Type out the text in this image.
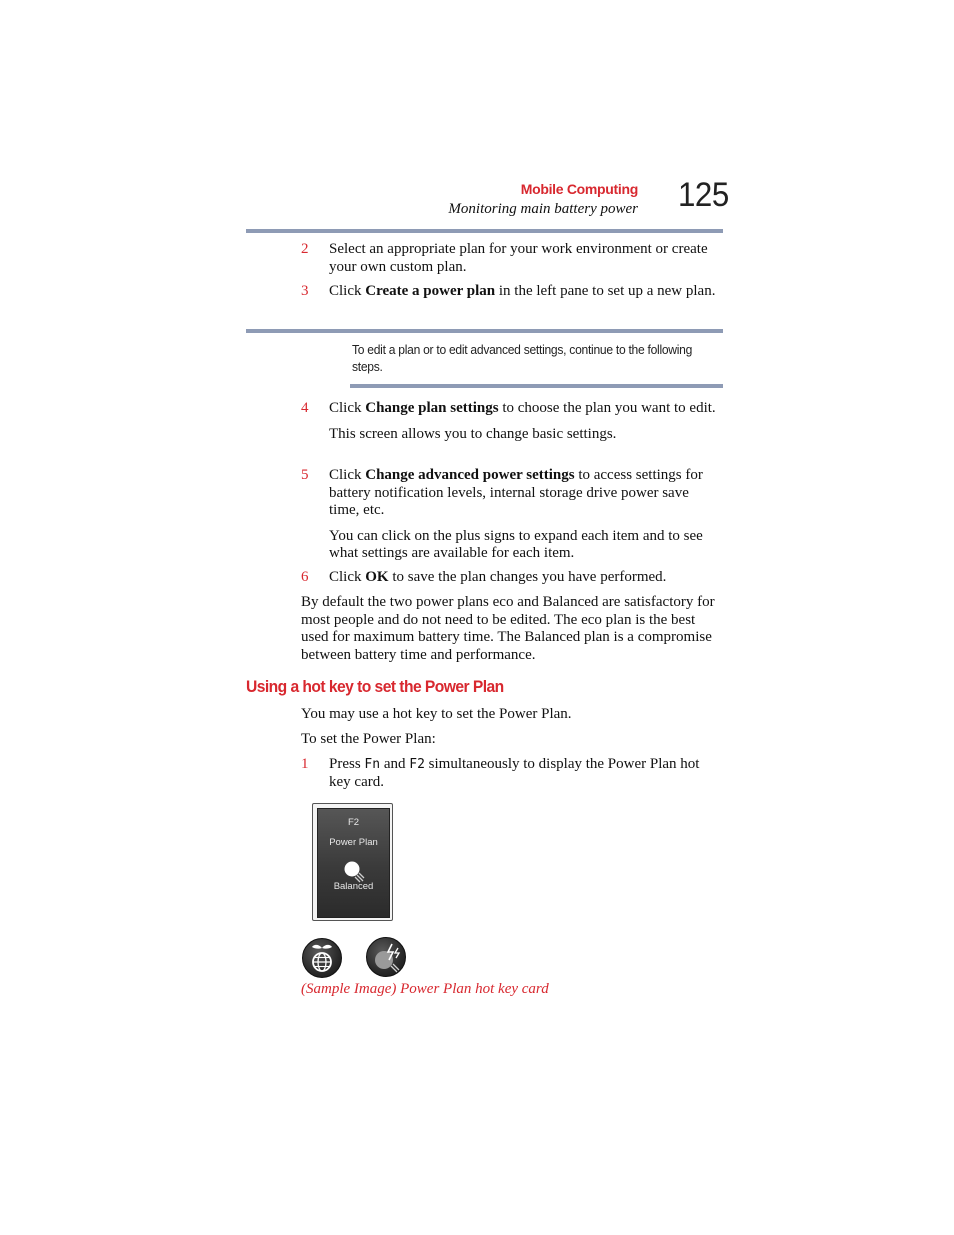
Mobile Computing
Monitoring main battery power 125
2 Select an appropriate plan for your work environment or create your own custom plan.
3 Click Create a power plan in the left pane to set up a new plan.
To edit a plan or to edit advanced settings, continue to the following steps.
4 Click Change plan settings to choose the plan you want to edit.
This screen allows you to change basic settings.
5 Click Change advanced power settings to access settings for battery notification levels, internal storage drive power save time, etc.
You can click on the plus signs to expand each item and to see what settings are available for each item.
6 Click OK to save the plan changes you have performed.
By default the two power plans eco and Balanced are satisfactory for most people and do not need to be edited. The eco plan is the best used for maximum battery time. The Balanced plan is a compromise between battery time and performance.
Using a hot key to set the Power Plan
You may use a hot key to set the Power Plan.
To set the Power Plan:
1 Press Fn and F2 simultaneously to display the Power Plan hot key card.
F2
Power Plan
Balanced
(Sample Image) Power Plan hot key card
